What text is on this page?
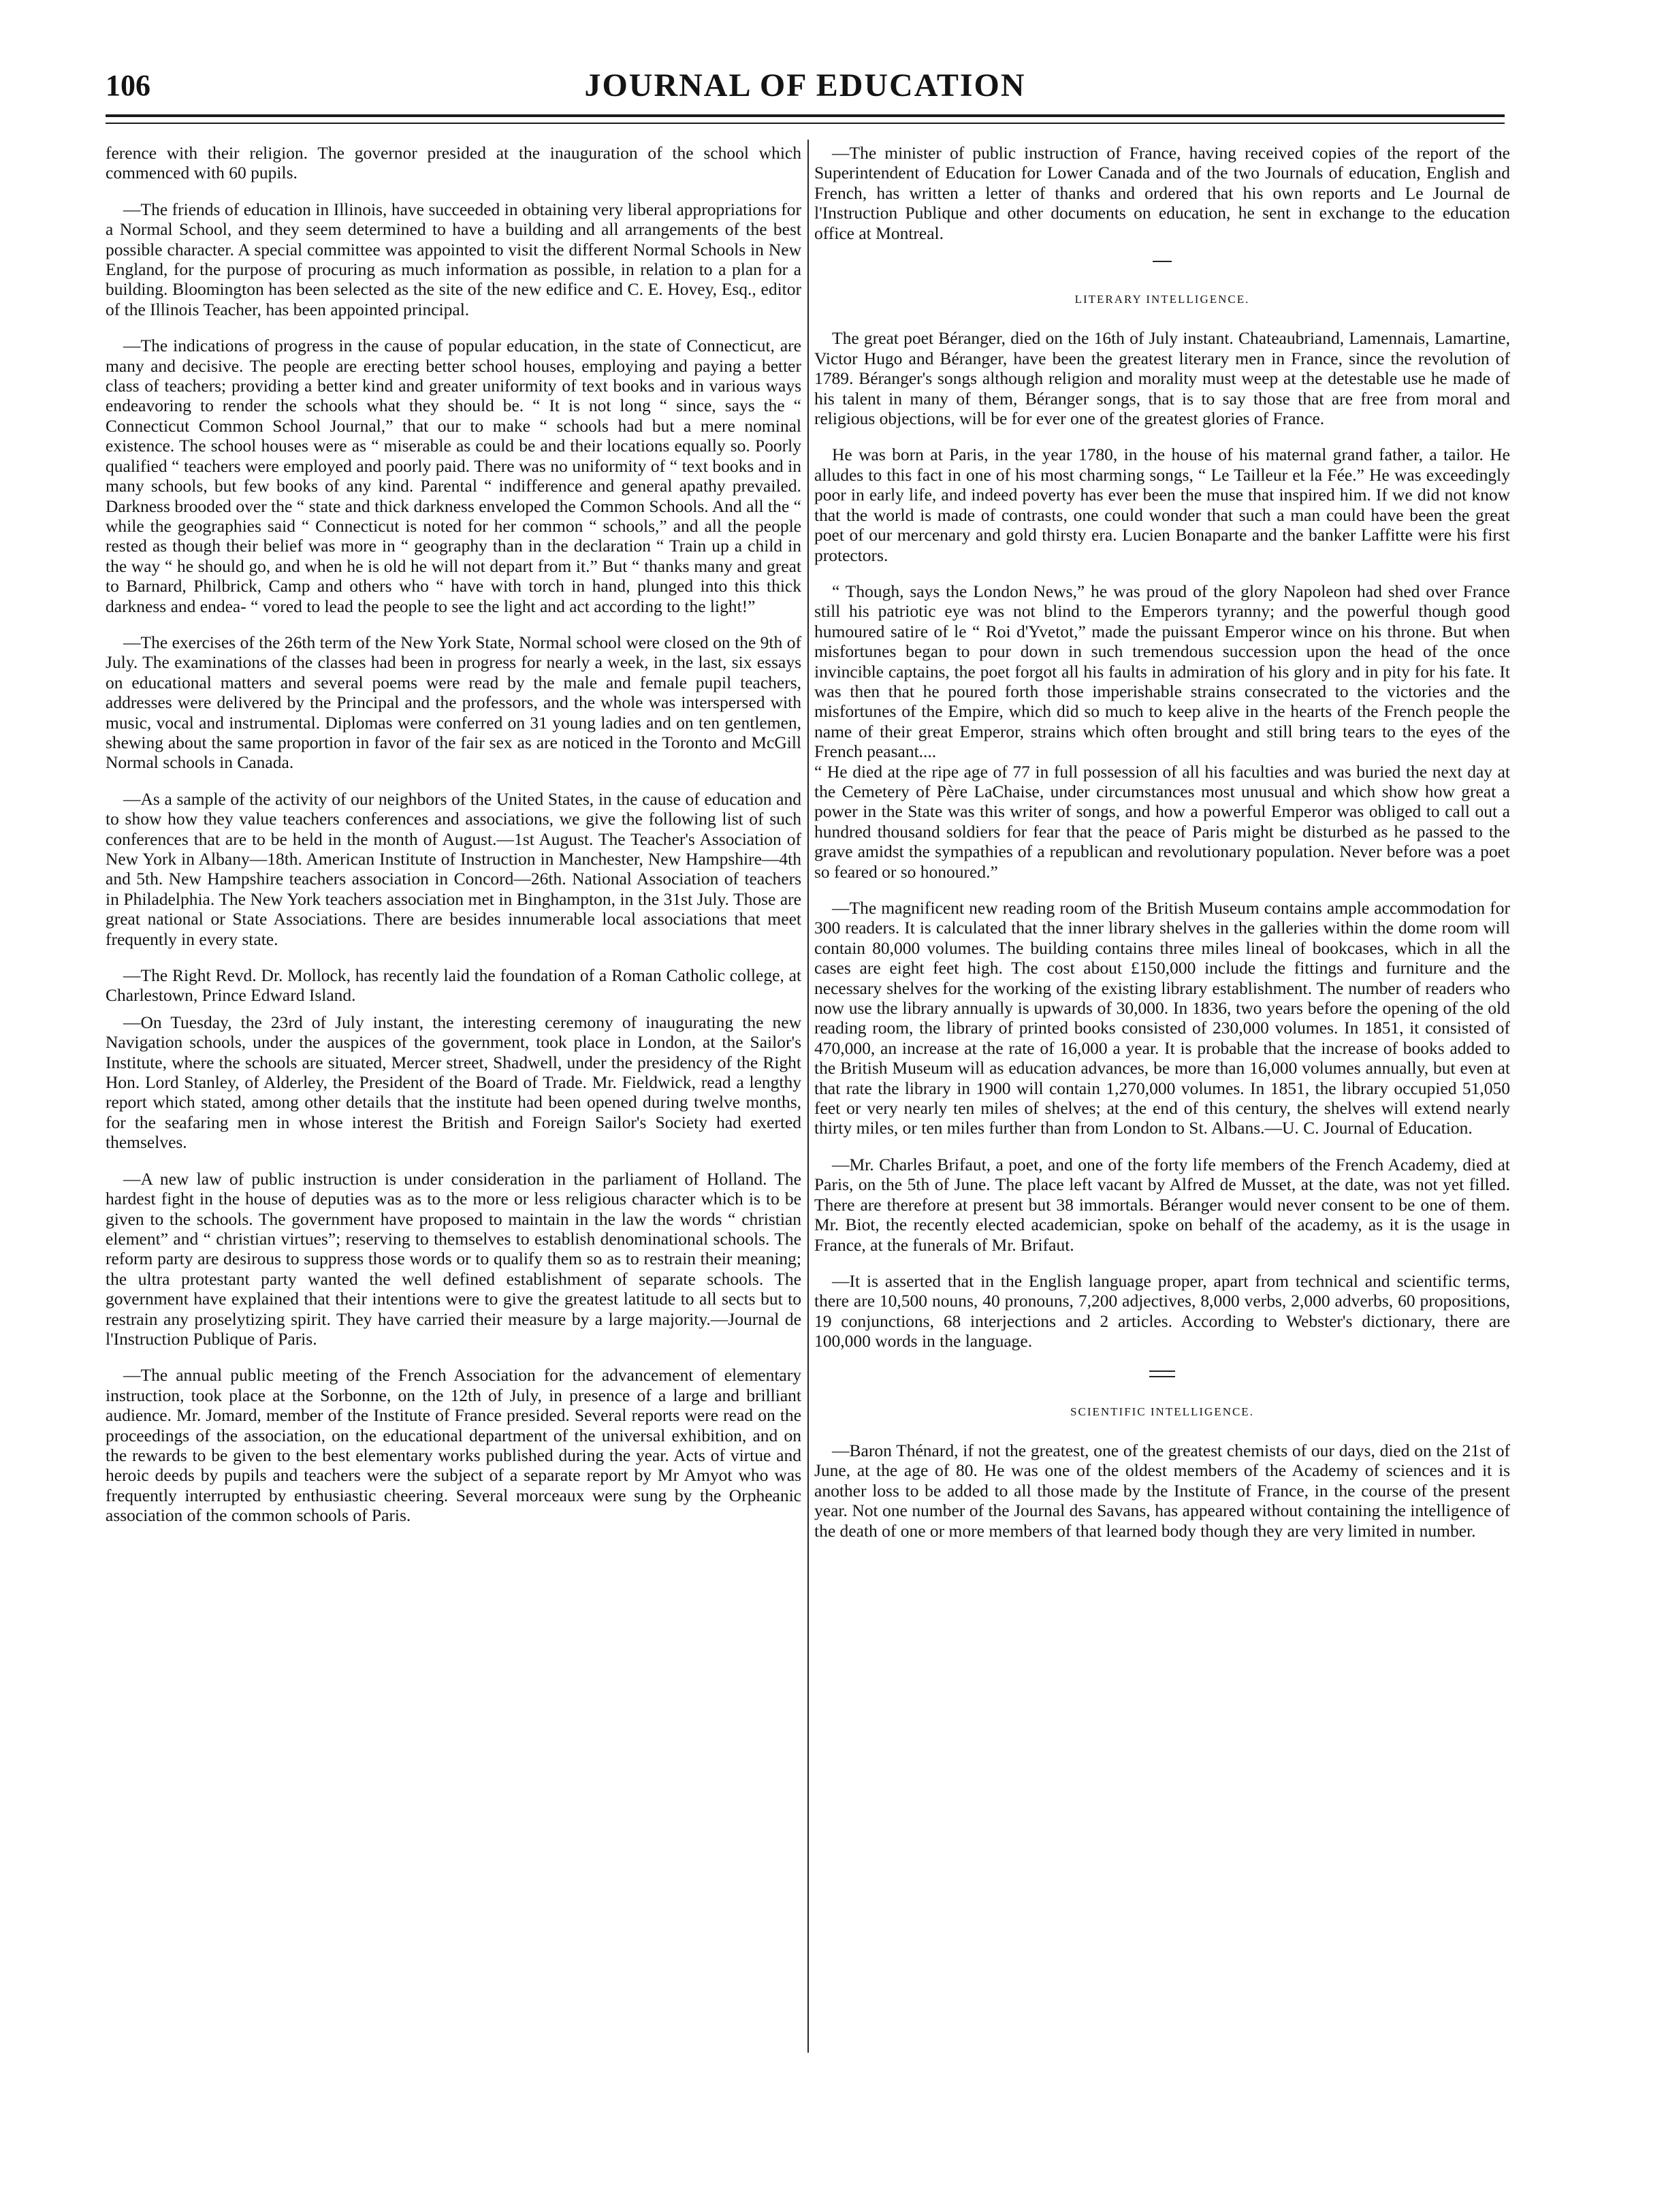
106	JOURNAL OF EDUCATION

ference with their religion. The governor presided at the inauguration of the school which commenced with 60 pupils.

—The friends of education in Illinois, have succeeded in obtaining very liberal appropriations for a Normal School, and they seem determined to have a building and all arrangements of the best possible character. A special committee was appointed to visit the different Normal Schools in New England, for the purpose of procuring as much information as possible, in relation to a plan for a building. Bloomington has been selected as the site of the new edifice and C. E. Hovey, Esq., editor of the Illinois Teacher, has been appointed principal.

—The indications of progress in the cause of popular education, in the state of Connecticut, are many and decisive. The people are erecting better school houses, employing and paying a better class of teachers; providing a better kind and greater uniformity of text books and in various ways endeavoring to render the schools what they should be. “ It is not long “ since, says the “ Connecticut Common School Journal,” that our to make “ schools had but a mere nominal existence. The school houses were as “ miserable as could be and their locations equally so. Poorly qualified “ teachers were employed and poorly paid. There was no uniformity of “ text books and in many schools, but few books of any kind. Parental “ indifference and general apathy prevailed. Darkness brooded over the “ state and thick darkness enveloped the Common Schools. And all the “ while the geographies said “ Connecticut is noted for her common “ schools,” and all the people rested as though their belief was more in “ geography than in the declaration “ Train up a child in the way “ he should go, and when he is old he will not depart from it.” But “ thanks many and great to Barnard, Philbrick, Camp and others who “ have with torch in hand, plunged into this thick darkness and endea- “ vored to lead the people to see the light and act according to the light!”

—The exercises of the 26th term of the New York State, Normal school were closed on the 9th of July. The examinations of the classes had been in progress for nearly a week, in the last, six essays on educational matters and several poems were read by the male and female pupil teachers, addresses were delivered by the Principal and the professors, and the whole was interspersed with music, vocal and instrumental. Diplomas were conferred on 31 young ladies and on ten gentlemen, shewing about the same proportion in favor of the fair sex as are noticed in the Toronto and McGill Normal schools in Canada.

—As a sample of the activity of our neighbors of the United States, in the cause of education and to show how they value teachers conferences and associations, we give the following list of such conferences that are to be held in the month of August.—1st August. The Teacher's Association of New York in Albany—18th. American Institute of Instruction in Manchester, New Hampshire—4th and 5th. New Hampshire teachers association in Concord—26th. National Association of teachers in Philadelphia. The New York teachers association met in Binghampton, in the 31st July. Those are great national or State Associations. There are besides innumerable local associations that meet frequently in every state.

—The Right Revd. Dr. Mollock, has recently laid the foundation of a Roman Catholic college, at Charlestown, Prince Edward Island.

—On Tuesday, the 23rd of July instant, the interesting ceremony of inaugurating the new Navigation schools, under the auspices of the government, took place in London, at the Sailor's Institute, where the schools are situated, Mercer street, Shadwell, under the presidency of the Right Hon. Lord Stanley, of Alderley, the President of the Board of Trade. Mr. Fieldwick, read a lengthy report which stated, among other details that the institute had been opened during twelve months, for the seafaring men in whose interest the British and Foreign Sailor's Society had exerted themselves.

—A new law of public instruction is under consideration in the parliament of Holland. The hardest fight in the house of deputies was as to the more or less religious character which is to be given to the schools. The government have proposed to maintain in the law the words “ christian element” and “ christian virtues”; reserving to themselves to establish denominational schools. The reform party are desirous to suppress those words or to qualify them so as to restrain their meaning; the ultra protestant party wanted the well defined establishment of separate schools. The government have explained that their intentions were to give the greatest latitude to all sects but to restrain any proselytizing spirit. They have carried their measure by a large majority.—Journal de l'Instruction Publique of Paris.

—The annual public meeting of the French Association for the advancement of elementary instruction, took place at the Sorbonne, on the 12th of July, in presence of a large and brilliant audience. Mr. Jomard, member of the Institute of France presided. Several reports were read on the proceedings of the association, on the educational department of the universal exhibition, and on the rewards to be given to the best elementary works published during the year. Acts of virtue and heroic deeds by pupils and teachers were the subject of a separate report by Mr Amyot who was frequently interrupted by enthusiastic cheering. Several morceaux were sung by the Orpheanic association of the common schools of Paris.

—The minister of public instruction of France, having received copies of the report of the Superintendent of Education for Lower Canada and of the two Journals of education, English and French, has written a letter of thanks and ordered that his own reports and Le Journal de l'Instruction Publique and other documents on education, he sent in exchange to the education office at Montreal.

LITERARY INTELLIGENCE.

The great poet Béranger, died on the 16th of July instant. Chateaubriand, Lamennais, Lamartine, Victor Hugo and Béranger, have been the greatest literary men in France, since the revolution of 1789. Béranger's songs although religion and morality must weep at the detestable use he made of his talent in many of them, Béranger songs, that is to say those that are free from moral and religious objections, will be for ever one of the greatest glories of France.

He was born at Paris, in the year 1780, in the house of his maternal grand father, a tailor. He alludes to this fact in one of his most charming songs, “ Le Tailleur et la Fée.” He was exceedingly poor in early life, and indeed poverty has ever been the muse that inspired him. If we did not know that the world is made of contrasts, one could wonder that such a man could have been the great poet of our mercenary and gold thirsty era. Lucien Bonaparte and the banker Laffitte were his first protectors.

“ Though, says the London News,” he was proud of the glory Napoleon had shed over France still his patriotic eye was not blind to the Emperors tyranny; and the powerful though good humoured satire of le “ Roi d'Yvetot,” made the puissant Emperor wince on his throne. But when misfortunes began to pour down in such tremendous succession upon the head of the once invincible captains, the poet forgot all his faults in admiration of his glory and in pity for his fate. It was then that he poured forth those imperishable strains consecrated to the victories and the misfortunes of the Empire, which did so much to keep alive in the hearts of the French people the name of their great Emperor, strains which often brought and still bring tears to the eyes of the French peasant....

“ He died at the ripe age of 77 in full possession of all his faculties and was buried the next day at the Cemetery of Père LaChaise, under circumstances most unusual and which show how great a power in the State was this writer of songs, and how a powerful Emperor was obliged to call out a hundred thousand soldiers for fear that the peace of Paris might be disturbed as he passed to the grave amidst the sympathies of a republican and revolutionary population. Never before was a poet so feared or so honoured.”

—The magnificent new reading room of the British Museum contains ample accommodation for 300 readers. It is calculated that the inner library shelves in the galleries within the dome room will contain 80,000 volumes. The building contains three miles lineal of bookcases, which in all the cases are eight feet high. The cost about £150,000 include the fittings and furniture and the necessary shelves for the working of the existing library establishment. The number of readers who now use the library annually is upwards of 30,000. In 1836, two years before the opening of the old reading room, the library of printed books consisted of 230,000 volumes. In 1851, it consisted of 470,000, an increase at the rate of 16,000 a year. It is probable that the increase of books added to the British Museum will as education advances, be more than 16,000 volumes annually, but even at that rate the library in 1900 will contain 1,270,000 volumes. In 1851, the library occupied 51,050 feet or very nearly ten miles of shelves; at the end of this century, the shelves will extend nearly thirty miles, or ten miles further than from London to St. Albans.—U. C. Journal of Education.

—Mr. Charles Brifaut, a poet, and one of the forty life members of the French Academy, died at Paris, on the 5th of June. The place left vacant by Alfred de Musset, at the date, was not yet filled. There are therefore at present but 38 immortals. Béranger would never consent to be one of them. Mr. Biot, the recently elected academician, spoke on behalf of the academy, as it is the usage in France, at the funerals of Mr. Brifaut.

—It is asserted that in the English language proper, apart from technical and scientific terms, there are 10,500 nouns, 40 pronouns, 7,200 adjectives, 8,000 verbs, 2,000 adverbs, 60 propositions, 19 conjunctions, 68 interjections and 2 articles. According to Webster's dictionary, there are 100,000 words in the language.

SCIENTIFIC INTELLIGENCE.

—Baron Thénard, if not the greatest, one of the greatest chemists of our days, died on the 21st of June, at the age of 80. He was one of the oldest members of the Academy of sciences and it is another loss to be added to all those made by the Institute of France, in the course of the present year. Not one number of the Journal des Savans, has appeared without containing the intelligence of the death of one or more members of that learned body though they are very limited in number.
